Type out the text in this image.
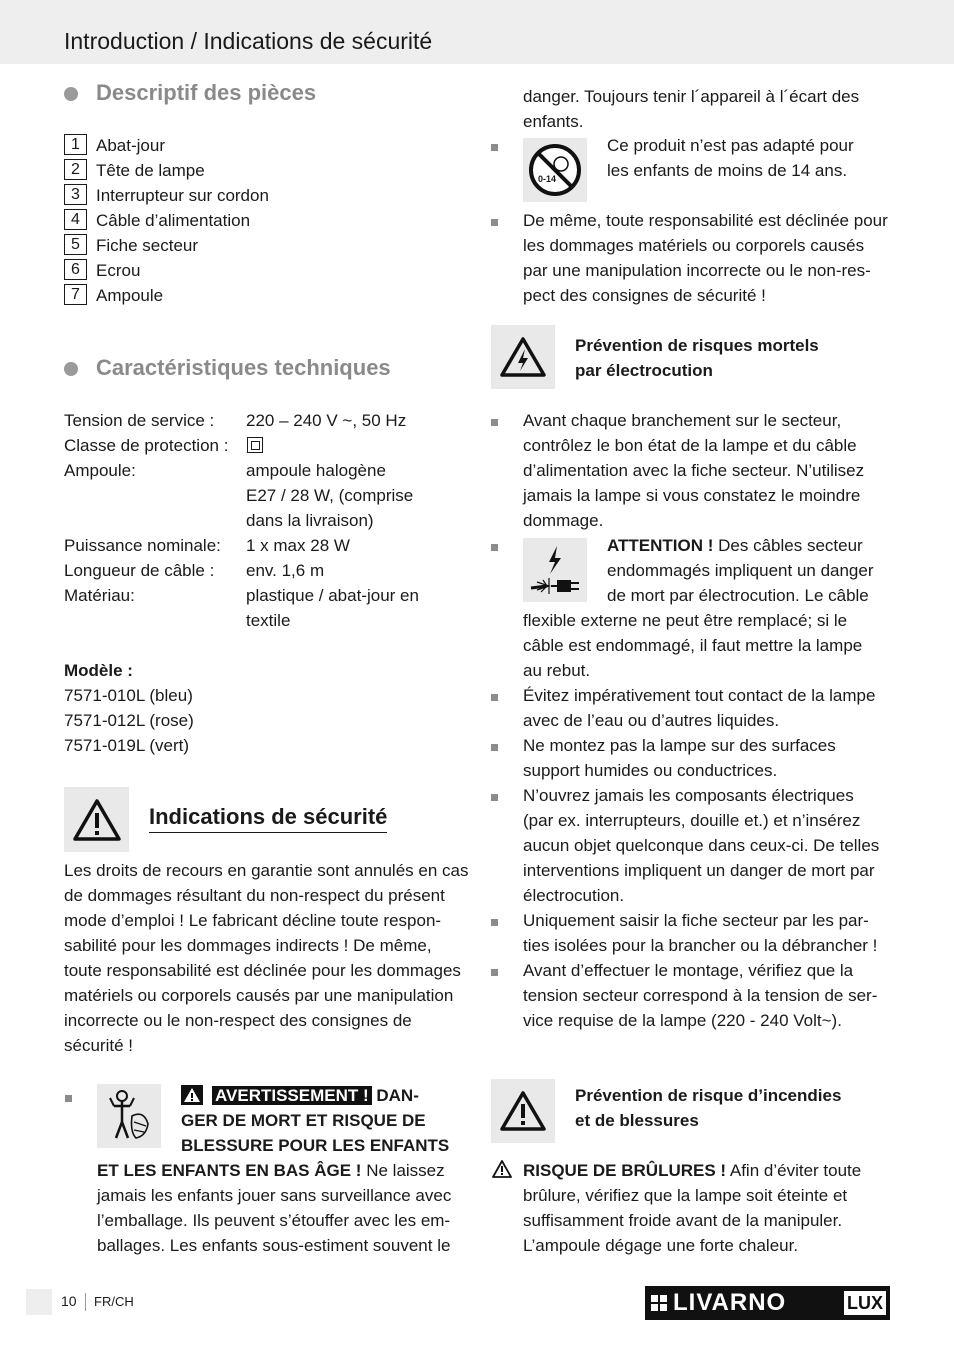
Introduction / Indications de sécurité
Descriptif des pièces
1 Abat-jour
2 Tête de lampe
3 Interrupteur sur cordon
4 Câble d’alimentation
5 Fiche secteur
6 Ecrou
7 Ampoule
Caractéristiques techniques
Tension de service : 220 – 240 V ~, 50 Hz
Classe de protection :
Ampoule:	ampoule halogène
E27 / 28 W, (comprise
dans la livraison)
Puissance nominale: 1 x max 28 W
Longueur de câble : env. 1,6 m
Matériau:	plastique / abat-jour en
textile
Modèle :
7571-010L (bleu)
7571-012L (rose)
7571-019L (vert)
Indications de sécurité
Les droits de recours en garantie sont annulés en cas
de dommages résultant du non-respect du présent
mode d’emploi ! Le fabricant décline toute respon-
sabilité pour les dommages indirects ! De même,
toute responsabilité est déclinée pour les dommages
matériels ou corporels causés par une manipulation
incorrecte ou le non-respect des consignes de
sécurité !
AVERTISSEMENT ! DAN-
GER DE MORT ET RISQUE DE
BLESSURE POUR LES ENFANTS
ET LES ENFANTS EN BAS ÂGE ! Ne laissez
jamais les enfants jouer sans surveillance avec
l’emballage. Ils peuvent s’étouffer avec les em-
ballages. Les enfants sous-estiment souvent le
danger. Toujours tenir l´appareil à l´écart des
enfants.
0-14
Ce produit n’est pas adapté pour
les enfants de moins de 14 ans.
De même, toute responsabilité est déclinée pour
les dommages matériels ou corporels causés
par une manipulation incorrecte ou le non-res-
pect des consignes de sécurité !
Prévention de risques mortels
par électrocution
Avant chaque branchement sur le secteur,
contrôlez le bon état de la lampe et du câble
d’alimentation avec la fiche secteur. N’utilisez
jamais la lampe si vous constatez le moindre
dommage.
ATTENTION ! Des câbles secteur
endommagés impliquent un danger
de mort par électrocution. Le câble
flexible externe ne peut être remplacé; si le
câble est endommagé, il faut mettre la lampe
au rebut.
Évitez impérativement tout contact de la lampe
avec de l’eau ou d’autres liquides.
Ne montez pas la lampe sur des surfaces
support humides ou conductrices.
N’ouvrez jamais les composants électriques
(par ex. interrupteurs, douille et.) et n’insérez
aucun objet quelconque dans ceux-ci. De telles
interventions impliquent un danger de mort par
électrocution.
Uniquement saisir la fiche secteur par les par-
ties isolées pour la brancher ou la débrancher !
Avant d’effectuer le montage, vérifiez que la
tension secteur correspond à la tension de ser-
vice requise de la lampe (220 - 240 Volt~).
Prévention de risque d’incendies
et de blessures
RISQUE DE BRÛLURES ! Afin d’éviter toute
brûlure, vérifiez que la lampe soit éteinte et
suffisamment froide avant de la manipuler.
L’ampoule dégage une forte chaleur.
10 FR/CH	LIVARNO	LUX
